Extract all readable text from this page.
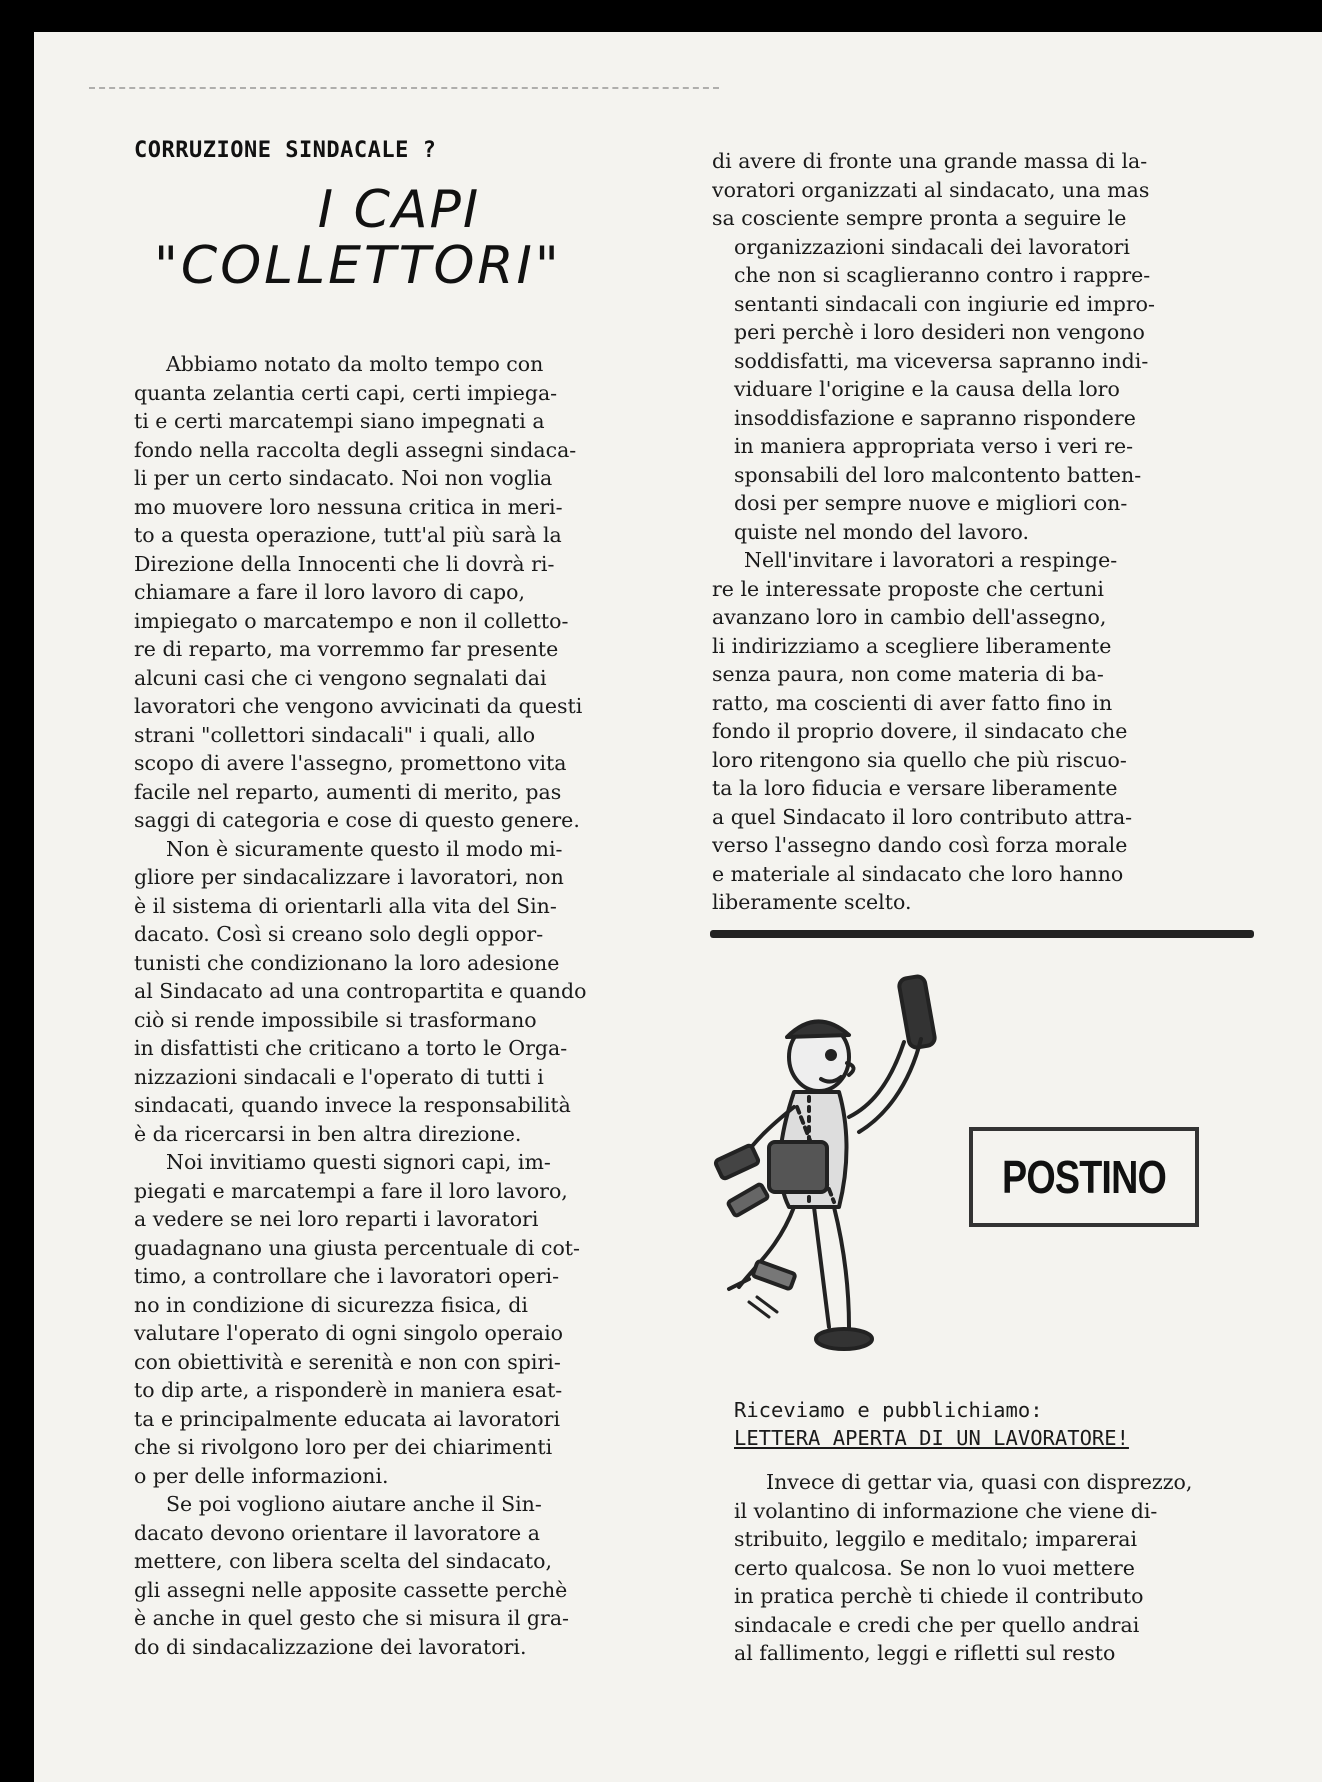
CORRUZIONE SINDACALE ?
I CAPI
"COLLETTORI"

Abbiamo notato da molto tempo con
quanta zelantia certi capi, certi impiega-
ti e certi marcatempi siano impegnati a
fondo nella raccolta degli assegni sindaca-
li per un certo sindacato. Noi non voglia
mo muovere loro nessuna critica in meri-
to a questa operazione, tutt'al più sarà la
Direzione della Innocenti che li dovrà ri-
chiamare a fare il loro lavoro di capo,
impiegato o marcatempo e non il colletto-
re di reparto, ma vorremmo far presente
alcuni casi che ci vengono segnalati dai
lavoratori che vengono avvicinati da questi
strani "collettori sindacali" i quali, allo
scopo di avere l'assegno, promettono vita
facile nel reparto, aumenti di merito, pas
saggi di categoria e cose di questo genere.

Non è sicuramente questo il modo mi-
gliore per sindacalizzare i lavoratori, non
è il sistema di orientarli alla vita del Sin-
dacato. Così si creano solo degli oppor-
tunisti che condizionano la loro adesione
al Sindacato ad una contropartita e quando
ciò si rende impossibile si trasformano
in disfattisti che criticano a torto le Orga-
nizzazioni sindacali e l'operato di tutti i
sindacati, quando invece la responsabilità
è da ricercarsi in ben altra direzione.

Noi invitiamo questi signori capi, im-
piegati e marcatempi a fare il loro lavoro,
a vedere se nei loro reparti i lavoratori
guadagnano una giusta percentuale di cot-
timo, a controllare che i lavoratori operi-
no in condizione di sicurezza fisica, di
valutare l'operato di ogni singolo operaio
con obiettività e serenità e non con spiri-
to dip arte, a risponderè in maniera esat-
ta e principalmente educata ai lavoratori
che si rivolgono loro per dei chiarimenti
o per delle informazioni.

Se poi vogliono aiutare anche il Sin-
dacato devono orientare il lavoratore a
mettere, con libera scelta del sindacato,
gli assegni nelle apposite cassette perchè
è anche in quel gesto che si misura il gra-
do di sindacalizzazione dei lavoratori.

di avere di fronte una grande massa di la-
voratori organizzati al sindacato, una mas
sa cosciente sempre pronta a seguire le
organizzazioni sindacali dei lavoratori
che non si scaglieranno contro i rappre-
sentanti sindacali con ingiurie ed impro-
peri perchè i loro desideri non vengono
soddisfatti, ma viceversa sapranno indi-
viduare l'origine e la causa della loro
insoddisfazione e sapranno rispondere
in maniera appropriata verso i veri re-
sponsabili del loro malcontento batten-
dosi per sempre nuove e migliori con-
quiste nel mondo del lavoro.

Nell'invitare i lavoratori a respinge-
re le interessate proposte che certuni
avanzano loro in cambio dell'assegno,
li indirizziamo a scegliere liberamente
senza paura, non come materia di ba-
ratto, ma coscienti di aver fatto fino in
fondo il proprio dovere, il sindacato che
loro ritengono sia quello che più riscuo-
ta la loro fiducia e versare liberamente
a quel Sindacato il loro contributo attra-
verso l'assegno dando così forza morale
e materiale al sindacato che loro hanno
liberamente scelto.

POSTINO
Riceviamo e pubblichiamo:
LETTERA APERTA DI UN LAVORATORE!

Invece di gettar via, quasi con disprezzo,
il volantino di informazione che viene di-
stribuito, leggilo e meditalo; imparerai
certo qualcosa. Se non lo vuoi mettere
in pratica perchè ti chiede il contributo
sindacale e credi che per quello andrai
al fallimento, leggi e rifletti sul resto
